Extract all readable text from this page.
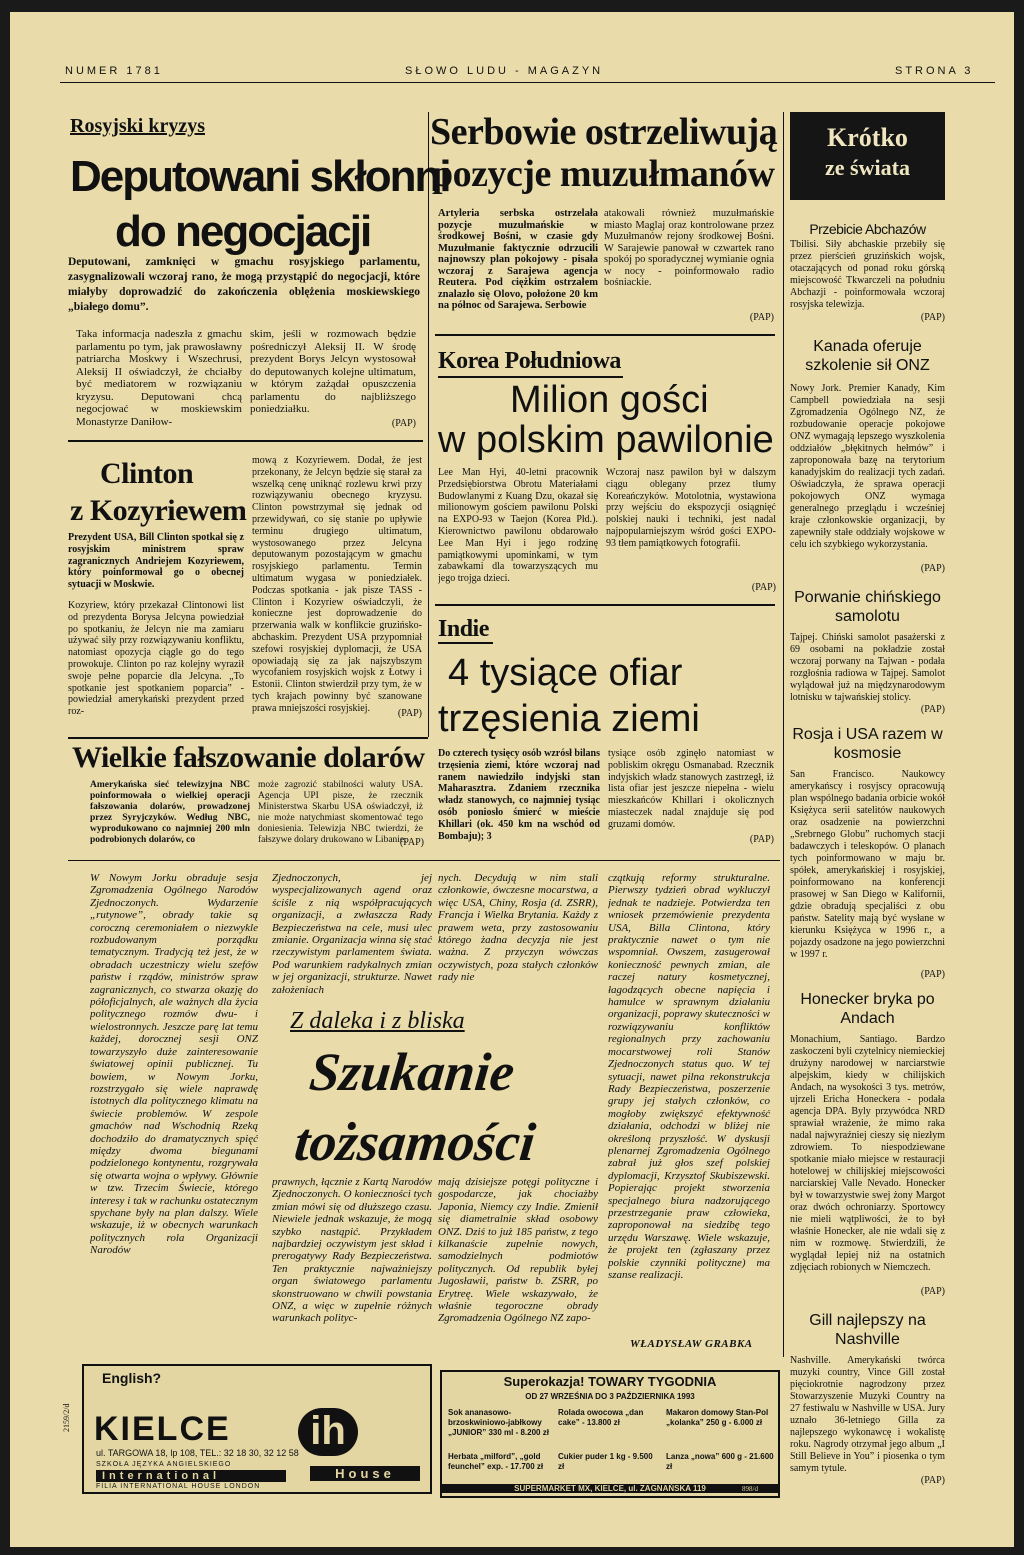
NUMER 1781	SŁOWO LUDU - MAGAZYN	STRONA 3
Rosyjski kryzys
Deputowani skłonni
do negocjacji
Deputowani, zamknięci w gmachu rosyjskiego parlamentu, zasygnalizowali wczoraj rano, że mogą przystąpić do negocjacji, które miałyby doprowadzić do zakończenia oblężenia moskiewskiego „białego domu”.
Taka informacja nadeszła z gmachu parlamentu po tym, jak prawosławny patriarcha Moskwy i Wszechrusi, Aleksij II oświadczył, że chciałby być mediatorem w rozwiązaniu kryzysu. Deputowani chcą negocjować w moskiewskim Monastyrze Daniłow-
skim, jeśli w rozmowach będzie pośredniczył Aleksij II. W środę prezydent Borys Jelcyn wystosował do deputowanych kolejne ultimatum, w którym zażądał opuszczenia parlamentu do najbliższego poniedziałku.
(PAP)
Serbowie ostrzeliwują
pozycje muzułmanów
Artyleria serbska ostrzelała pozycje muzułmańskie w środkowej Bośni, w czasie gdy Muzułmanie faktycznie odrzucili najnowszy plan pokojowy - pisała wczoraj z Sarajewa agencja Reutera. Pod ciężkim ostrzałem znalazło się Olovo, położone 20 km na północ od Sarajewa. Serbowie
atakowali również muzułmańskie miasto Maglaj oraz kontrolowane przez Muzułmanów rejony środkowej Bośni. W Sarajewie panował w czwartek rano spokój po sporadycznej wymianie ognia w nocy - poinformowało radio bośniackie.
(PAP)
Krótko
ze świata
Przebicie Abchazów
Tbilisi. Siły abchaskie przebiły się przez pierścień gruzińskich wojsk, otaczających od ponad roku górską miejscowość Tkwarczeli na południu Abchazji - poinformowała wczoraj rosyjska telewizja.
(PAP)
Kanada oferuje szkolenie sił ONZ
Nowy Jork. Premier Kanady, Kim Campbell powiedziała na sesji Zgromadzenia Ogólnego NZ, że rozbudowanie operacje pokojowe ONZ wymagają lepszego wyszkolenia oddziałów „błękitnych hełmów” i zaproponowała bazę na terytorium kanadyjskim do realizacji tych zadań. Oświadczyła, że sprawa operacji pokojowych ONZ wymaga generalnego przeglądu i wcześniej kraje członkowskie organizacji, by zapewniły stałe oddziały wojskowe w celu ich szybkiego wykorzystania.
(PAP)
Porwanie chińskiego samolotu
Tajpej. Chiński samolot pasażerski z 69 osobami na pokładzie został wczoraj porwany na Tajwan - podała rozgłośnia radiowa w Tajpej. Samolot wylądował już na międzynarodowym lotnisku w tajwańskiej stolicy.
(PAP)
Rosja i USA razem w kosmosie
San Francisco. Naukowcy amerykańscy i rosyjscy opracowują plan wspólnego badania orbicie wokół Księżyca serii satelitów naukowych oraz osadzenie na powierzchni „Srebrnego Globu” ruchomych stacji badawczych i teleskopów. O planach tych poinformowano w maju br. spółek, amerykańskiej i rosyjskiej, poinformowano na konferencji prasowej w San Diego w Kalifornii, gdzie obradują specjaliści z obu państw. Satelity mają być wysłane w kierunku Księżyca w 1996 r., a pojazdy osadzone na jego powierzchni w 1997 r.
(PAP)
Honecker bryka po Andach
Monachium, Santiago. Bardzo zaskoczeni byli czytelnicy niemieckiej drużyny narodowej w narciarstwie alpejskim, kiedy w chilijskich Andach, na wysokości 3 tys. metrów, ujrzeli Ericha Honeckera - podała agencja DPA. Byly przywódca NRD sprawiał wrażenie, że mimo raka nadal najwyraźniej cieszy się niezłym zdrowiem. To niespodziewane spotkanie miało miejsce w restauracji hotelowej w chilijskiej miejscowości narciarskiej Valle Nevado. Honecker był w towarzystwie swej żony Margot oraz dwóch ochroniarzy. Sportowcy nie mieli wątpliwości, że to był właśnie Honecker, ale nie wdali się z nim w rozmowę. Stwierdzili, że wyglądał lepiej niż na ostatnich zdjęciach robionych w Niemczech.
(PAP)
Gill najlepszy na Nashville
Nashville. Amerykański twórca muzyki country, Vince Gill został pięciokrotnie nagrodzony przez Stowarzyszenie Muzyki Country na 27 festiwalu w Nashville w USA. Jury uznało 36-letniego Gilla za najlepszego wykonawcę i wokalistę roku. Nagrody otrzymał jego album „I Still Believe in You” i piosenka o tym samym tytule.
(PAP)
Clinton
z Kozyriewem
Prezydent USA, Bill Clinton spotkał się z rosyjskim ministrem spraw zagranicznych Andriejem Kozyriewem, który poinformował go o obecnej sytuacji w Moskwie.
Kozyriew, który przekazał Clintonowi list od prezydenta Borysa Jelcyna powiedział po spotkaniu, że Jelcyn nie ma zamiaru używać siły przy rozwiązywaniu konfliktu, natomiast opozycja ciągle go do tego prowokuje. Clinton po raz kolejny wyraził swoje pełne poparcie dla Jelcyna. „To spotkanie jest spotkaniem poparcia” - powiedział amerykański prezydent przed roz-
mową z Kozyriewem. Dodał, że jest przekonany, że Jelcyn będzie się starał za wszelką cenę uniknąć rozlewu krwi przy rozwiązywaniu obecnego kryzysu. Clinton powstrzymał się jednak od przewidywań, co się stanie po upływie terminu drugiego ultimatum, wystosowanego przez Jelcyna deputowanym pozostającym w gmachu rosyjskiego parlamentu. Termin ultimatum wygasa w poniedziałek. Podczas spotkania - jak pisze TASS - Clinton i Kozyriew oświadczyli, że konieczne jest doprowadzenie do przerwania walk w konflikcie gruzińsko-abchaskim. Prezydent USA przypomniał szefowi rosyjskiej dyplomacji, że USA opowiadają się za jak najszybszym wycofaniem rosyjskich wojsk z Łotwy i Estonii. Clinton stwierdził przy tym, że w tych krajach powinny być szanowane prawa mniejszości rosyjskiej.	(PAP)
Korea Południowa
Milion gości
w polskim pawilonie
Lee Man Hyi, 40-letni pracownik Przedsiębiorstwa Obrotu Materiałami Budowlanymi z Kuang Dzu, okazał się milionowym gościem pawilonu Polski na EXPO-93 w Taejon (Korea Płd.). Kierownictwo pawilonu obdarowało Lee Man Hyi i jego rodzinę pamiątkowymi upominkami, w tym zabawkami dla towarzyszących mu jego trojga dzieci.
Wczoraj nasz pawilon był w dalszym ciągu oblegany przez tłumy Koreańczyków. Motolotnia, wystawiona przy wejściu do ekspozycji osiągnięć polskiej nauki i techniki, jest nadal najpopularniejszym wśród gości EXPO-93 tłem pamiątkowych fotografii.
(PAP)
Indie
4 tysiące ofiar
trzęsienia ziemi
Do czterech tysięcy osób wzrósł bilans trzęsienia ziemi, które wczoraj nad ranem nawiedziło indyjski stan Maharasztra. Zdaniem rzecznika władz stanowych, co najmniej tysiąc osób poniosło śmierć w mieście Khillari (ok. 450 km na wschód od Bombaju); 3
tysiące osób zginęło natomiast w pobliskim okręgu Osmanabad. Rzecznik indyjskich władz stanowych zastrzegł, iż lista ofiar jest jeszcze niepełna - wielu mieszkańców Khillari i okolicznych miasteczek nadal znajduje się pod gruzami domów.
(PAP)
Wielkie fałszowanie dolarów
Amerykańska sieć telewizyjna NBC poinformowała o wielkiej operacji fałszowania dolarów, prowadzonej przez Syryjczyków. Według NBC, wyprodukowano co najmniej 200 mln podrobionych dolarów, co
może zagrozić stabilności waluty USA. Agencja UPI pisze, że rzecznik Ministerstwa Skarbu USA oświadczył, iż nie może natychmiast skomentować tego doniesienia. Telewizja NBC twierdzi, że fałszywe dolary drukowano w Libanie.
(PAP)
W Nowym Jorku obraduje sesja Zgromadzenia Ogólnego Narodów Zjednoczonych. Wydarzenie „rutynowe”, obrady takie są coroczną ceremoniałem o niezwykle rozbudowanym porządku tematycznym. Tradycją też jest, że w obradach uczestniczy wielu szefów państw i rządów, ministrów spraw zagranicznych, co stwarza okazję do półoficjalnych, ale ważnych dla życia politycznego rozmów dwu- i wielostronnych. Jeszcze parę lat temu każdej, dorocznej sesji ONZ towarzyszyło duże zainteresowanie światowej opinii publicznej. Tu bowiem, w Nowym Jorku, rozstrzygało się wiele naprawdę istotnych dla politycznego klimatu na świecie problemów. W zespole gmachów nad Wschodnią Rzeką dochodziło do dramatycznych spięć między dwoma biegunami podzielonego kontynentu, rozgrywała się otwarta wojna o wpływy. Głównie w tzw. Trzecim Świecie, którego interesy i tak w rachunku ostatecznym spychane były na plan dalszy. Wiele wskazuje, iż w obecnych warunkach politycznych rola Organizacji Narodów
Zjednoczonych, jej wyspecjalizowanych agend oraz ściśle z nią współpracujących organizacji, a zwłaszcza Rady Bezpieczeństwa na cele, musi ulec zmianie. Organizacja winna się stać rzeczywistym parlamentem świata. Pod warunkiem radykalnych zmian w jej organizacji, strukturze. Nawet założeniach
nych. Decydują w nim stali członkowie, ówczesne mocarstwa, a więc USA, Chiny, Rosja (d. ZSRR), Francja i Wielka Brytania. Każdy z prawem weta, przy zastosowaniu którego żadna decyzja nie jest ważna. Z przyczyn wówczas oczywistych, poza stałych członków rady nie
czątkują reformy strukturalne. Pierwszy tydzień obrad wykluczył jednak te nadzieje. Potwierdza ten wniosek przemówienie prezydenta USA, Billa Clintona, który praktycznie nawet o tym nie wspomniał. Owszem, zasugerował konieczność pewnych zmian, ale raczej natury kosmetycznej, łagodzących obecne napięcia i hamulce w sprawnym działaniu organizacji, poprawy skuteczności w rozwiązywaniu konfliktów regionalnych przy zachowaniu mocarstwowej roli Stanów Zjednoczonych status quo. W tej sytuacji, nawet pilna rekonstrukcja Rady Bezpieczeństwa, poszerzenie grupy jej stałych członków, co mogłoby zwiększyć efektywność działania, odchodzi w bliżej nie określoną przyszłość. W dyskusji plenarnej Zgromadzenia Ogólnego zabrał już głos szef polskiej dyplomacji, Krzysztof Skubiszewski. Popierając projekt stworzenia specjalnego biura nadzorującego przestrzeganie praw człowieka, zaproponował na siedzibę tego urzędu Warszawę. Wiele wskazuje, że projekt ten (zgłaszany przez polskie czynniki polityczne) ma szanse realizacji.
Z daleka i z bliska
Szukanie
tożsamości
prawnych, łącznie z Kartą Narodów Zjednoczonych. O konieczności tych zmian mówi się od dłuższego czasu. Niewiele jednak wskazuje, że mogą szybko nastąpić. Przykładem najbardziej oczywistym jest skład i prerogatywy Rady Bezpieczeństwa. Ten praktycznie najważniejszy organ światowego parlamentu skonstruowano w chwili powstania ONZ, a więc w zupełnie różnych warunkach polityc-
mają dzisiejsze potęgi polityczne i gospodarcze, jak chociażby Japonia, Niemcy czy Indie. Zmienił się diametralnie skład osobowy ONZ. Dziś to już 185 państw, z tego kilkanaście zupełnie nowych, samodzielnych podmiotów politycznych. Od republik byłej Jugosławii, państw b. ZSRR, po Erytreę. Wiele wskazywało, że właśnie tegoroczne obrady Zgromadzenia Ogólnego NZ zapo-
WŁADYSŁAW GRABKA
English?
KIELCE	ih
ul. TARGOWA 18, lp 108, TEL.: 32 18 30, 32 12 58
SZKOŁA JĘZYKA ANGIELSKIEGO
International
FILIA INTERNATIONAL HOUSE LONDON
House
2159/2/d
Superokazja! TOWARY TYGODNIA
OD 27 WRZEŚNIA DO 3 PAŹDZIERNIKA 1993
Sok ananasowo-brzoskwiniowo-jabłkowy „JUNIOR” 330 ml - 8.200 zł
Rolada owocowa „dan cake” - 13.800 zł
Makaron domowy Stan-Pol „kolanka” 250 g - 6.000 zł
Herbata „milford”, „gold feunchel” exp. - 17.700 zł
Cukier puder 1 kg - 9.500 zł
Lanza „nowa” 600 g - 21.600 zł
SUPERMARKET MX, KIELCE, ul. ZAGNAŃSKA 119	898/d
